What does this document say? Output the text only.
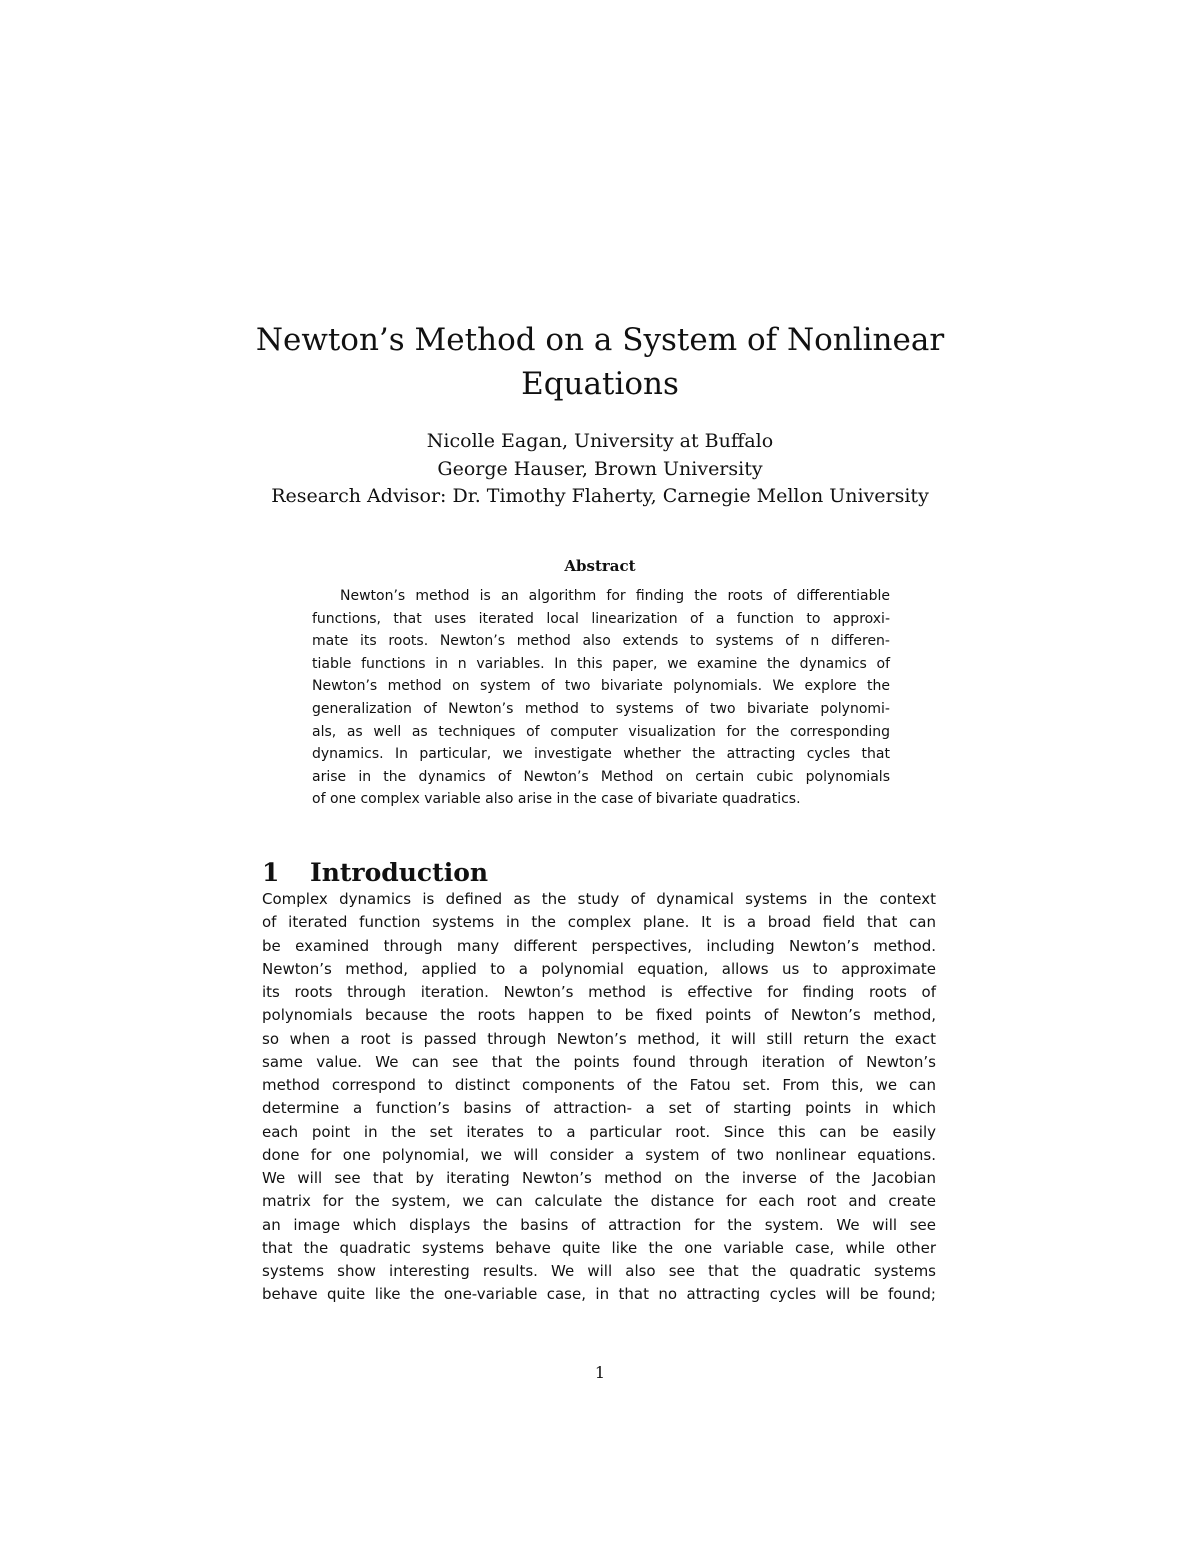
Newton’s Method on a System of Nonlinear
Equations
Nicolle Eagan, University at Buffalo
George Hauser, Brown University
Research Advisor: Dr. Timothy Flaherty, Carnegie Mellon University
Abstract
Newton’s method is an algorithm for finding the roots of differentiable
functions, that uses iterated local linearization of a function to approxi-
mate its roots. Newton’s method also extends to systems of n differen-
tiable functions in n variables. In this paper, we examine the dynamics of
Newton’s method on system of two bivariate polynomials. We explore the
generalization of Newton’s method to systems of two bivariate polynomi-
als, as well as techniques of computer visualization for the corresponding
dynamics. In particular, we investigate whether the attracting cycles that
arise in the dynamics of Newton’s Method on certain cubic polynomials
of one complex variable also arise in the case of bivariate quadratics.
1 Introduction
Complex dynamics is defined as the study of dynamical systems in the context
of iterated function systems in the complex plane. It is a broad field that can
be examined through many different perspectives, including Newton’s method.
Newton’s method, applied to a polynomial equation, allows us to approximate
its roots through iteration. Newton’s method is effective for finding roots of
polynomials because the roots happen to be fixed points of Newton’s method,
so when a root is passed through Newton’s method, it will still return the exact
same value. We can see that the points found through iteration of Newton’s
method correspond to distinct components of the Fatou set. From this, we can
determine a function’s basins of attraction- a set of starting points in which
each point in the set iterates to a particular root. Since this can be easily
done for one polynomial, we will consider a system of two nonlinear equations.
We will see that by iterating Newton’s method on the inverse of the Jacobian
matrix for the system, we can calculate the distance for each root and create
an image which displays the basins of attraction for the system. We will see
that the quadratic systems behave quite like the one variable case, while other
systems show interesting results. We will also see that the quadratic systems
behave quite like the one-variable case, in that no attracting cycles will be found;
1
